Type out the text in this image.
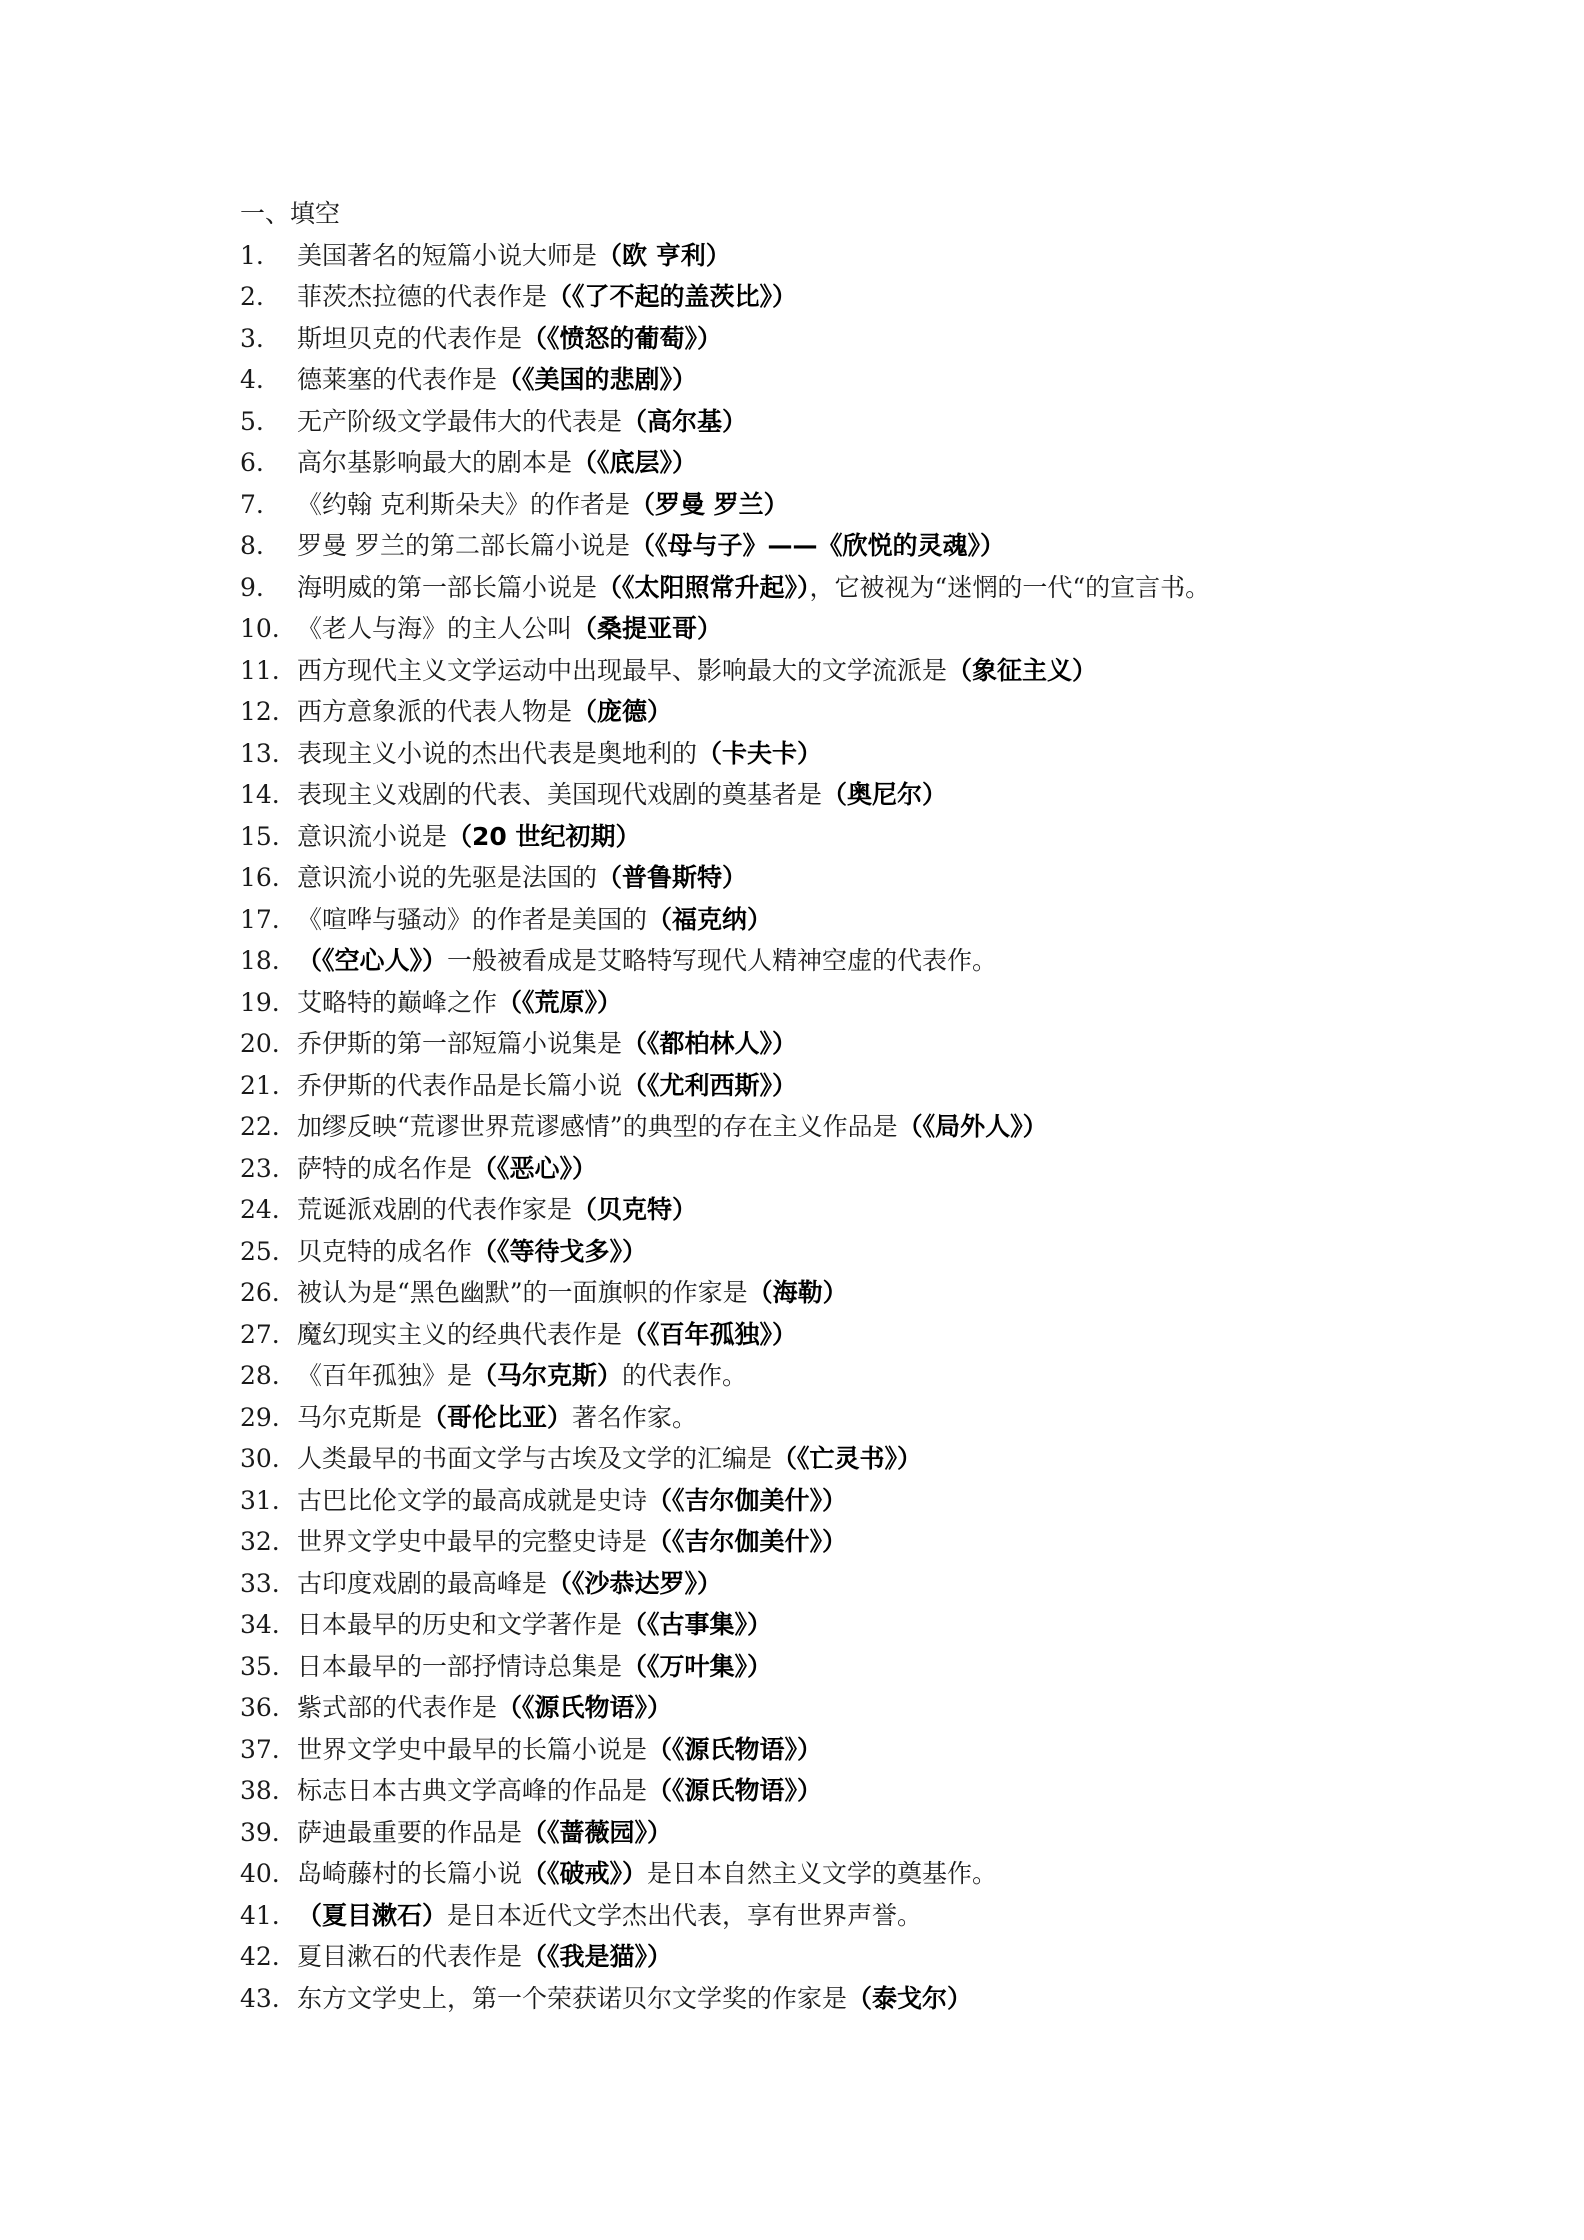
一、填空
1.	美国著名的短篇小说大师是（欧 亨利）
2.	菲茨杰拉德的代表作是（《了不起的盖茨比》）
3.	斯坦贝克的代表作是（《愤怒的葡萄》）
4.	德莱塞的代表作是（《美国的悲剧》）
5.	无产阶级文学最伟大的代表是（高尔基）
6.	高尔基影响最大的剧本是（《底层》）
7.	《约翰 克利斯朵夫》的作者是（罗曼 罗兰）
8.	罗曼 罗兰的第二部长篇小说是（《母与子》——《欣悦的灵魂》）
9.	海明威的第一部长篇小说是（《太阳照常升起》），它被视为“迷惘的一代“的宣言书。
10. 《老人与海》的主人公叫（桑提亚哥）
11. 西方现代主义文学运动中出现最早、影响最大的文学流派是（象征主义）
12. 西方意象派的代表人物是（庞德）
13. 表现主义小说的杰出代表是奥地利的（卡夫卡）
14. 表现主义戏剧的代表、美国现代戏剧的奠基者是（奥尼尔）
15. 意识流小说是（20 世纪初期）
16. 意识流小说的先驱是法国的（普鲁斯特）
17. 《喧哗与骚动》的作者是美国的（福克纳）
18. （《空心人》）一般被看成是艾略特写现代人精神空虚的代表作。
19. 艾略特的巅峰之作（《荒原》）
20. 乔伊斯的第一部短篇小说集是（《都柏林人》）
21. 乔伊斯的代表作品是长篇小说（《尤利西斯》）
22. 加缪反映“荒谬世界荒谬感情”的典型的存在主义作品是（《局外人》）
23. 萨特的成名作是（《恶心》）
24. 荒诞派戏剧的代表作家是（贝克特）
25. 贝克特的成名作（《等待戈多》）
26. 被认为是“黑色幽默”的一面旗帜的作家是（海勒）
27. 魔幻现实主义的经典代表作是（《百年孤独》）
28. 《百年孤独》是（马尔克斯）的代表作。
29. 马尔克斯是（哥伦比亚）著名作家。
30. 人类最早的书面文学与古埃及文学的汇编是（《亡灵书》）
31. 古巴比伦文学的最高成就是史诗（《吉尔伽美什》）
32. 世界文学史中最早的完整史诗是（《吉尔伽美什》）
33. 古印度戏剧的最高峰是（《沙恭达罗》）
34. 日本最早的历史和文学著作是（《古事集》）
35. 日本最早的一部抒情诗总集是（《万叶集》）
36. 紫式部的代表作是（《源氏物语》）
37. 世界文学史中最早的长篇小说是（《源氏物语》）
38. 标志日本古典文学高峰的作品是（《源氏物语》）
39. 萨迪最重要的作品是（《蔷薇园》）
40. 岛崎藤村的长篇小说（《破戒》）是日本自然主义文学的奠基作。
41. （夏目漱石）是日本近代文学杰出代表，享有世界声誉。
42. 夏目漱石的代表作是（《我是猫》）
43. 东方文学史上，第一个荣获诺贝尔文学奖的作家是（泰戈尔）
